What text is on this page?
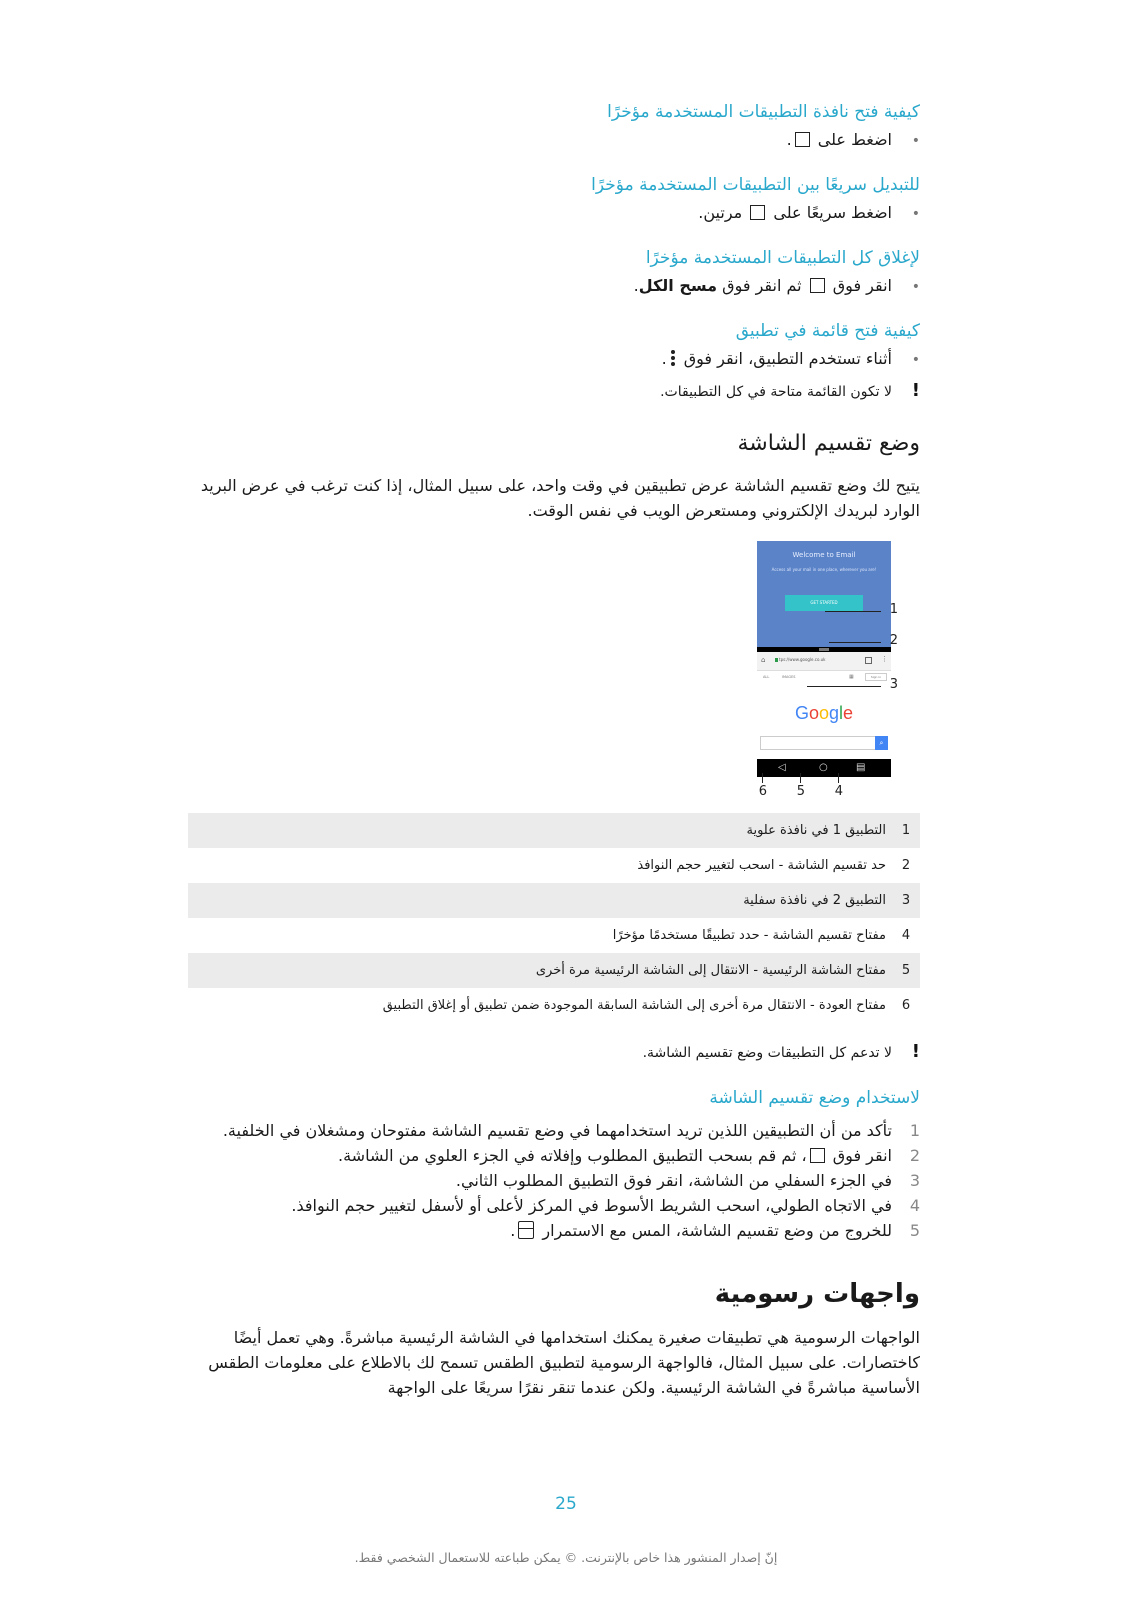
كيفية فتح نافذة التطبيقات المستخدمة مؤخرًا
•
اضغط على .
للتبديل سريعًا بين التطبيقات المستخدمة مؤخرًا
•
اضغط سريعًا على  مرتين.
لإغلاق كل التطبيقات المستخدمة مؤخرًا
•
انقر فوق  ثم انقر فوق مسح الكل.
كيفية فتح قائمة في تطبيق
•
أثناء تستخدم التطبيق، انقر فوق
.
!
لا تكون القائمة متاحة في كل التطبيقات.
وضع تقسيم الشاشة

يتيح لك وضع تقسيم الشاشة عرض تطبيقين في وقت واحد، على سبيل المثال، إذا كنت ترغب في عرض البريد الوارد لبريدك الإلكتروني ومستعرض الويب في نفس الوقت.

Welcome to Email
Access all your mail in one place, wherever you are!
GET STARTED
⌂	tps://www.google.co.uk	⋮
ALL	IMAGES	▦	Sign in
Google
⌕
◁	○	▤
1
2
3
4
5
6
1	التطبيق 1 في نافذة علوية
2	حد تقسيم الشاشة - اسحب لتغيير حجم النوافذ
3	التطبيق 2 في نافذة سفلية
4	مفتاح تقسيم الشاشة - حدد تطبيقًا مستخدمًا مؤخرًا
5	مفتاح الشاشة الرئيسية - الانتقال إلى الشاشة الرئيسية مرة أخرى
6	مفتاح العودة - الانتقال مرة أخرى إلى الشاشة السابقة الموجودة ضمن تطبيق أو إغلاق التطبيق
!
لا تدعم كل التطبيقات وضع تقسيم الشاشة.
لاستخدام وضع تقسيم الشاشة
1
تأكد من أن التطبيقين اللذين تريد استخدامهما في وضع تقسيم الشاشة مفتوحان ومشغلان في الخلفية.
2
انقر فوق ، ثم قم بسحب التطبيق المطلوب وإفلاته في الجزء العلوي من الشاشة.
3
في الجزء السفلي من الشاشة، انقر فوق التطبيق المطلوب الثاني.
4
في الاتجاه الطولي، اسحب الشريط الأسوط في المركز لأعلى أو لأسفل لتغيير حجم النوافذ.
5
للخروج من وضع تقسيم الشاشة، المس مع الاستمرار .
واجهات رسومية

الواجهات الرسومية هي تطبيقات صغيرة يمكنك استخدامها في الشاشة الرئيسية مباشرةً. وهي تعمل أيضًا كاختصارات. على سبيل المثال، فالواجهة الرسومية لتطبيق الطقس تسمح لك بالاطلاع على معلومات الطقس الأساسية مباشرةً في الشاشة الرئيسية. ولكن عندما تنقر نقرًا سريعًا على الواجهة

25
إنّ إصدار المنشور هذا خاص بالإنترنت. © يمكن طباعته للاستعمال الشخصي فقط.
